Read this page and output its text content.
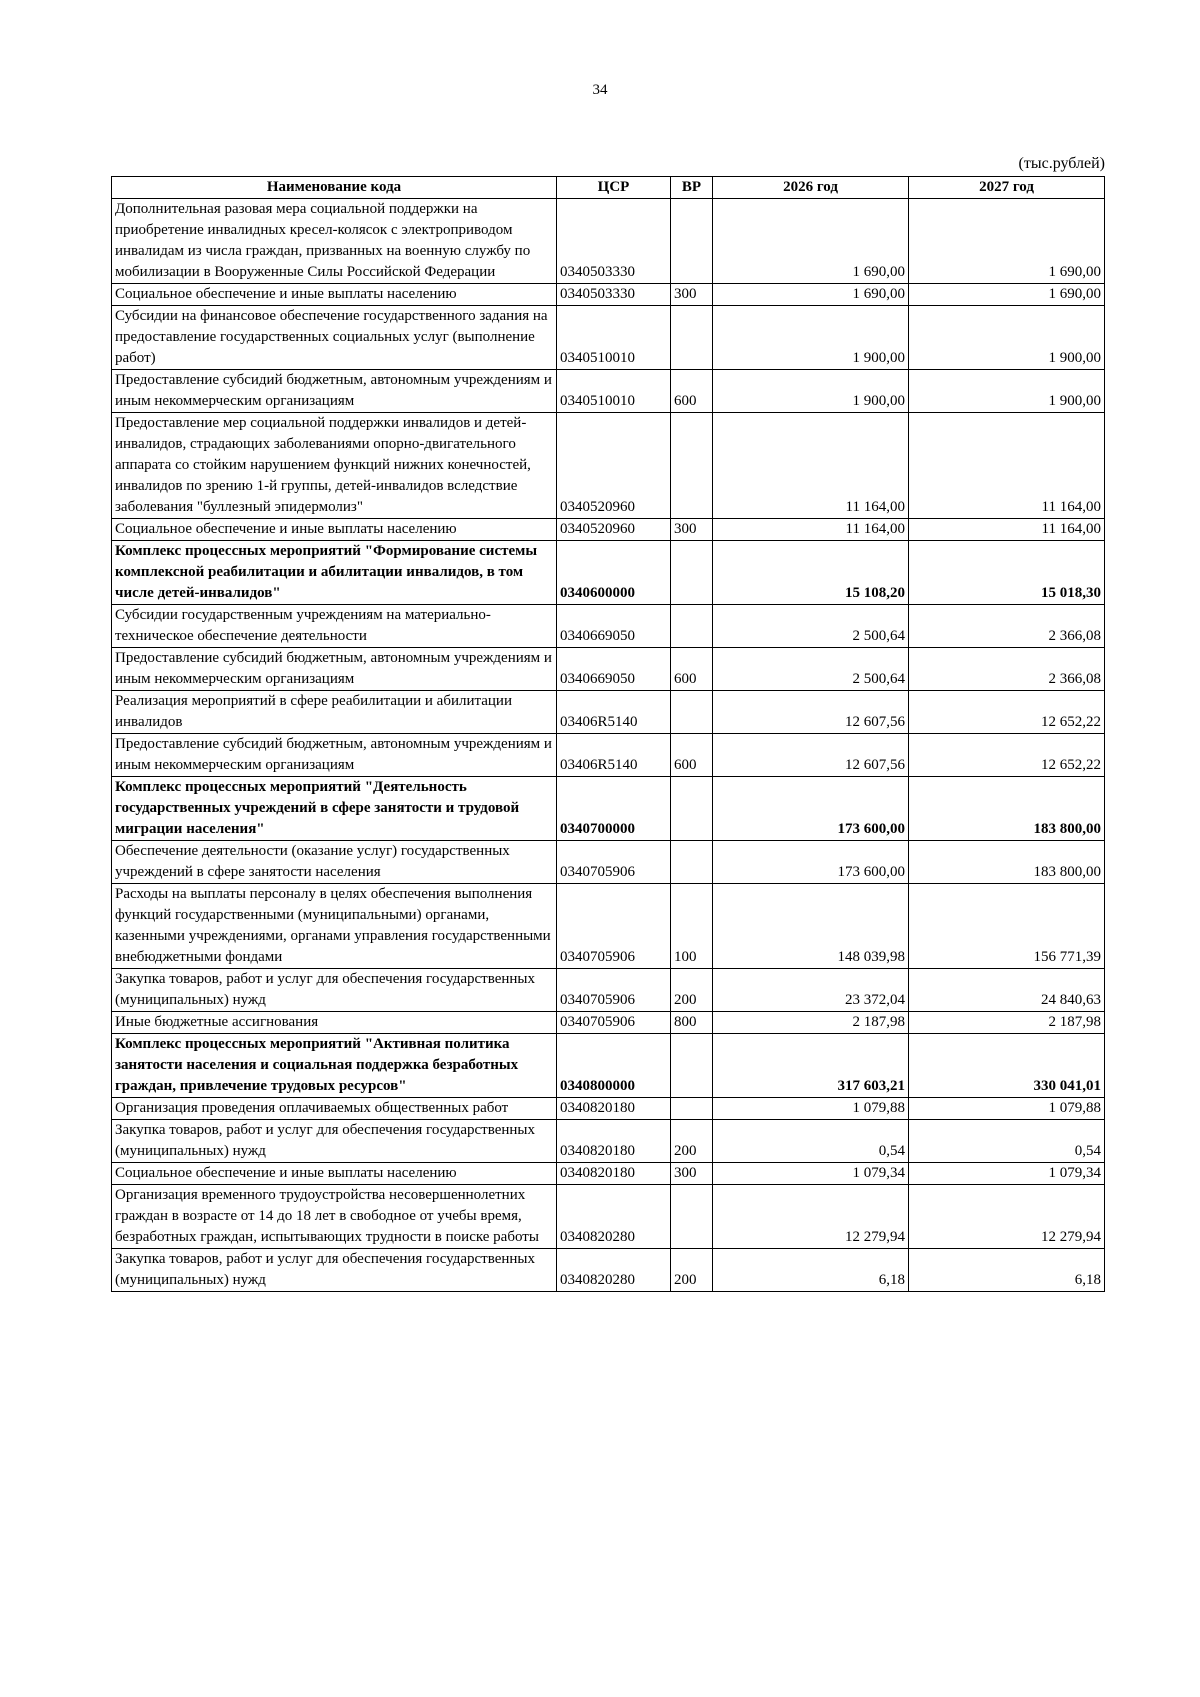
34
(тыс.рублей)
Наименование кода	ЦСР	ВР	2026 год	2027 год
Дополнительная разовая мера социальной поддержки на приобретение инвалидных кресел-колясок с электроприводом инвалидам из числа граждан, призванных на военную службу по мобилизации в Вооруженные Силы Российской Федерации	0340503330		1 690,00	1 690,00
Социальное обеспечение и иные выплаты населению	0340503330	300	1 690,00	1 690,00
Субсидии на финансовое обеспечение государственного задания на предоставление государственных социальных услуг (выполнение работ)	0340510010		1 900,00	1 900,00
Предоставление субсидий бюджетным, автономным учреждениям и иным некоммерческим организациям	0340510010	600	1 900,00	1 900,00
Предоставление мер социальной поддержки инвалидов и детей-инвалидов, страдающих заболеваниями опорно-двигательного аппарата со стойким нарушением функций нижних конечностей, инвалидов по зрению 1-й группы, детей-инвалидов вследствие заболевания "буллезный эпидермолиз"	0340520960		11 164,00	11 164,00
Социальное обеспечение и иные выплаты населению	0340520960	300	11 164,00	11 164,00
Комплекс процессных мероприятий "Формирование системы комплексной реабилитации и абилитации инвалидов, в том числе детей-инвалидов"	0340600000		15 108,20	15 018,30
Субсидии государственным учреждениям на материально-техническое обеспечение деятельности	0340669050		2 500,64	2 366,08
Предоставление субсидий бюджетным, автономным учреждениям и иным некоммерческим организациям	0340669050	600	2 500,64	2 366,08
Реализация мероприятий в сфере реабилитации и абилитации инвалидов	03406R5140		12 607,56	12 652,22
Предоставление субсидий бюджетным, автономным учреждениям и иным некоммерческим организациям	03406R5140	600	12 607,56	12 652,22
Комплекс процессных мероприятий "Деятельность государственных учреждений в сфере занятости и трудовой миграции населения"	0340700000		173 600,00	183 800,00
Обеспечение деятельности (оказание услуг) государственных учреждений в сфере занятости населения	0340705906		173 600,00	183 800,00
Расходы на выплаты персоналу в целях обеспечения выполнения функций государственными (муниципальными) органами, казенными учреждениями, органами управления государственными внебюджетными фондами	0340705906	100	148 039,98	156 771,39
Закупка товаров, работ и услуг для обеспечения государственных (муниципальных) нужд	0340705906	200	23 372,04	24 840,63
Иные бюджетные ассигнования	0340705906	800	2 187,98	2 187,98
Комплекс процессных мероприятий "Активная политика занятости населения и социальная поддержка безработных граждан, привлечение трудовых ресурсов"	0340800000		317 603,21	330 041,01
Организация проведения оплачиваемых общественных работ	0340820180		1 079,88	1 079,88
Закупка товаров, работ и услуг для обеспечения государственных (муниципальных) нужд	0340820180	200	0,54	0,54
Социальное обеспечение и иные выплаты населению	0340820180	300	1 079,34	1 079,34
Организация временного трудоустройства несовершеннолетних граждан в возрасте от 14 до 18 лет в свободное от учебы время, безработных граждан, испытывающих трудности в поиске работы	0340820280		12 279,94	12 279,94
Закупка товаров, работ и услуг для обеспечения государственных (муниципальных) нужд	0340820280	200	6,18	6,18
